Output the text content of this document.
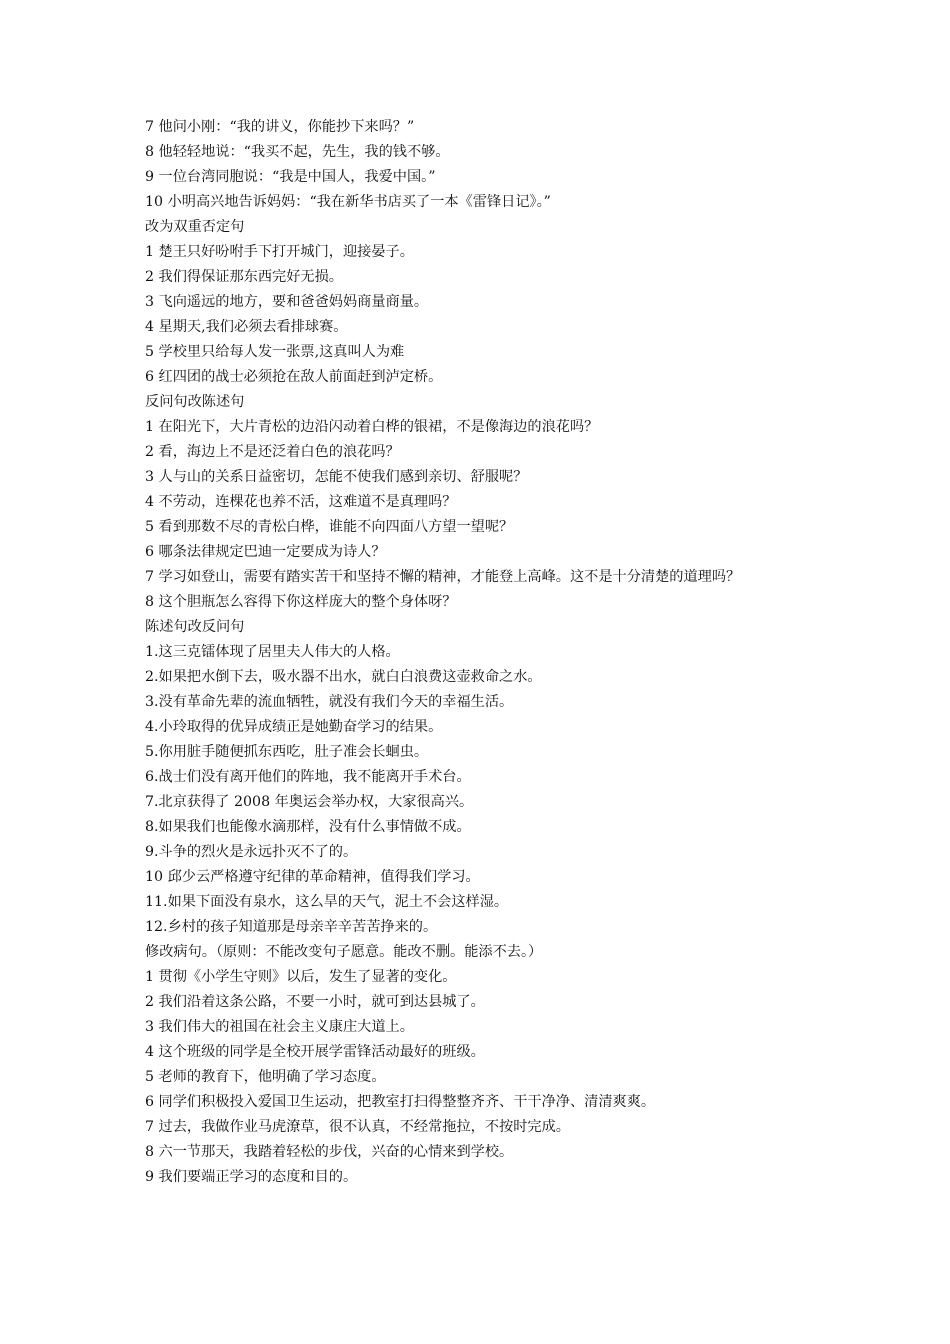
7 他问小刚：“我的讲义，你能抄下来吗？”
8 他轻轻地说：“我买不起，先生，我的钱不够。
9 一位台湾同胞说：“我是中国人，我爱中国。”
10 小明高兴地告诉妈妈：“我在新华书店买了一本《雷锋日记》。”
改为双重否定句
1 楚王只好吩咐手下打开城门，迎接晏子。
2 我们得保证那东西完好无损。
3 飞向遥远的地方，要和爸爸妈妈商量商量。
4 星期天,我们必须去看排球赛。
5 学校里只给每人发一张票,这真叫人为难
6 红四团的战士必须抢在敌人前面赶到泸定桥。
反问句改陈述句
1 在阳光下，大片青松的边沿闪动着白桦的银裙，不是像海边的浪花吗？
2 看，海边上不是还泛着白色的浪花吗？
3 人与山的关系日益密切，怎能不使我们感到亲切、舒服呢？
4 不劳动，连棵花也养不活，这难道不是真理吗？
5 看到那数不尽的青松白桦，谁能不向四面八方望一望呢？
6 哪条法律规定巴迪一定要成为诗人？
7 学习如登山，需要有踏实苦干和坚持不懈的精神，才能登上高峰。这不是十分清楚的道理吗？
8 这个胆瓶怎么容得下你这样庞大的整个身体呀？
陈述句改反问句
1.这三克镭体现了居里夫人伟大的人格。
2.如果把水倒下去，吸水器不出水，就白白浪费这壶救命之水。
3.没有革命先辈的流血牺牲，就没有我们今天的幸福生活。
4.小玲取得的优异成绩正是她勤奋学习的结果。
5.你用脏手随便抓东西吃，肚子准会长蛔虫。
6.战士们没有离开他们的阵地，我不能离开手术台。
7.北京获得了 2008 年奥运会举办权，大家很高兴。
8.如果我们也能像水滴那样，没有什么事情做不成。
9.斗争的烈火是永远扑灭不了的。
10 邱少云严格遵守纪律的革命精神，值得我们学习。
11.如果下面没有泉水，这么旱的天气，泥土不会这样湿。
12.乡村的孩子知道那是母亲辛辛苦苦挣来的。
修改病句。（原则：不能改变句子愿意。能改不删。能添不去。）
1 贯彻《小学生守则》以后，发生了显著的变化。
2 我们沿着这条公路，不要一小时，就可到达县城了。
3 我们伟大的祖国在社会主义康庄大道上。
4 这个班级的同学是全校开展学雷锋活动最好的班级。
5 老师的教育下，他明确了学习态度。
6 同学们积极投入爱国卫生运动，把教室打扫得整整齐齐、干干净净、清清爽爽。
7 过去，我做作业马虎潦草，很不认真，不经常拖拉，不按时完成。
8 六一节那天，我踏着轻松的步伐，兴奋的心情来到学校。
9 我们要端正学习的态度和目的。
